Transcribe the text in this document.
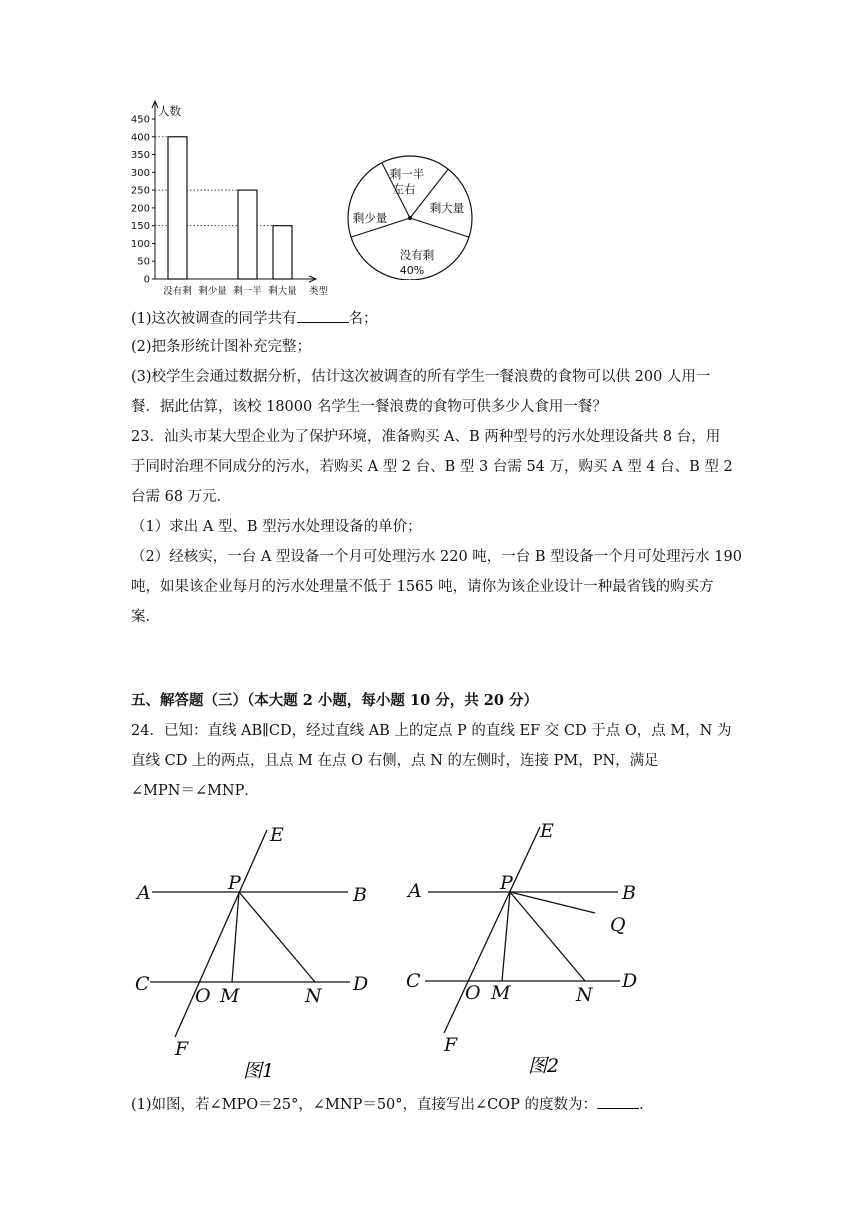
0
50
100
150
200
250
300
350
400
450
人数
类型
没有剩 剩少量 剩一半 剩大量
剩一半
左右
剩大量
剩少量
没有剩
40%
(1)这次被调查的同学共有	名；
(2)把条形统计图补充完整；
(3)校学生会通过数据分析，估计这次被调查的所有学生一餐浪费的食物可以供 200 人用一
餐．据此估算，该校 18000 名学生一餐浪费的食物可供多少人食用一餐？
23．汕头市某大型企业为了保护环境，准备购买 A、B 两种型号的污水处理设备共 8 台，用
于同时治理不同成分的污水，若购买 A 型 2 台、B 型 3 台需 54 万，购买 A 型 4 台、B 型 2
台需 68 万元．
（1）求出 A 型、B 型污水处理设备的单价；
（2）经核实，一台 A 型设备一个月可处理污水 220 吨，一台 B 型设备一个月可处理污水 190
吨，如果该企业每月的污水处理量不低于 1565 吨，请你为该企业设计一种最省钱的购买方
案．
五、解答题（三）（本大题 2 小题，每小题 10 分，共 20 分）
24．已知：直线 AB∥CD，经过直线 AB 上的定点 P 的直线 EF 交 CD 于点 O，点 M，N 为
直线 CD 上的两点，且点 M 在点 O 右侧，点 N 的左侧时，连接 PM，PN，满足
∠MPN＝∠MNP．
A	B
C	D
E
F
P
O M	N
图1
A	B
C	D
E
F
P
O M	N
Q
图2
(1)如图，若∠MPO＝25°，∠MNP＝50°，直接写出∠COP 的度数为：	.
